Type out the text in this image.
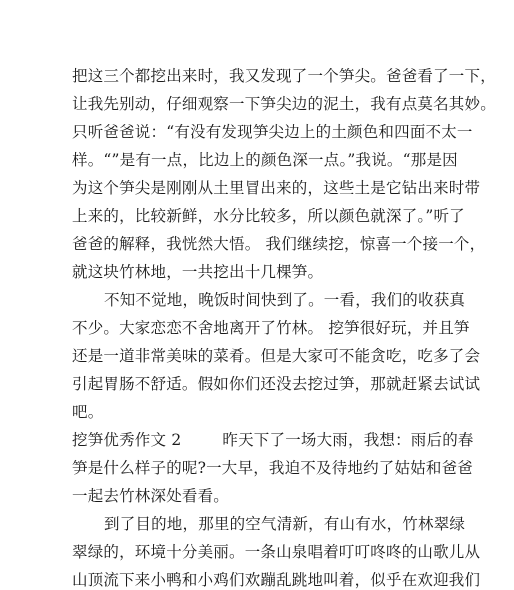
把这三个都挖出来时，我又发现了一个笋尖。爸爸看了一下，
让我先别动，仔细观察一下笋尖边的泥土，我有点莫名其妙。
只听爸爸说：“有没有发现笋尖边上的土颜色和四面不太一
样。“”是有一点，比边上的颜色深一点。”我说。“那是因
为这个笋尖是刚刚从土里冒出来的，这些土是它钻出来时带
上来的，比较新鲜，水分比较多，所以颜色就深了。”听了
爸爸的解释，我恍然大悟。 我们继续挖，惊喜一个接一个，
就这块竹林地，一共挖出十几棵笋。
不知不觉地，晚饭时间快到了。一看，我们的收获真
不少。大家恋恋不舍地离开了竹林。 挖笋很好玩，并且笋
还是一道非常美味的菜肴。但是大家可不能贪吃，吃多了会
引起胃肠不舒适。假如你们还没去挖过笋，那就赶紧去试试
吧。
挖笋优秀作文 2        昨天下了一场大雨，我想：雨后的春
笋是什么样子的呢?一大早，我迫不及待地约了姑姑和爸爸
一起去竹林深处看看。
到了目的地，那里的空气清新，有山有水，竹林翠绿
翠绿的，环境十分美丽。一条山泉唱着叮叮咚咚的山歌儿从
山顶流下来小鸭和小鸡们欢蹦乱跳地叫着，似乎在欢迎我们
